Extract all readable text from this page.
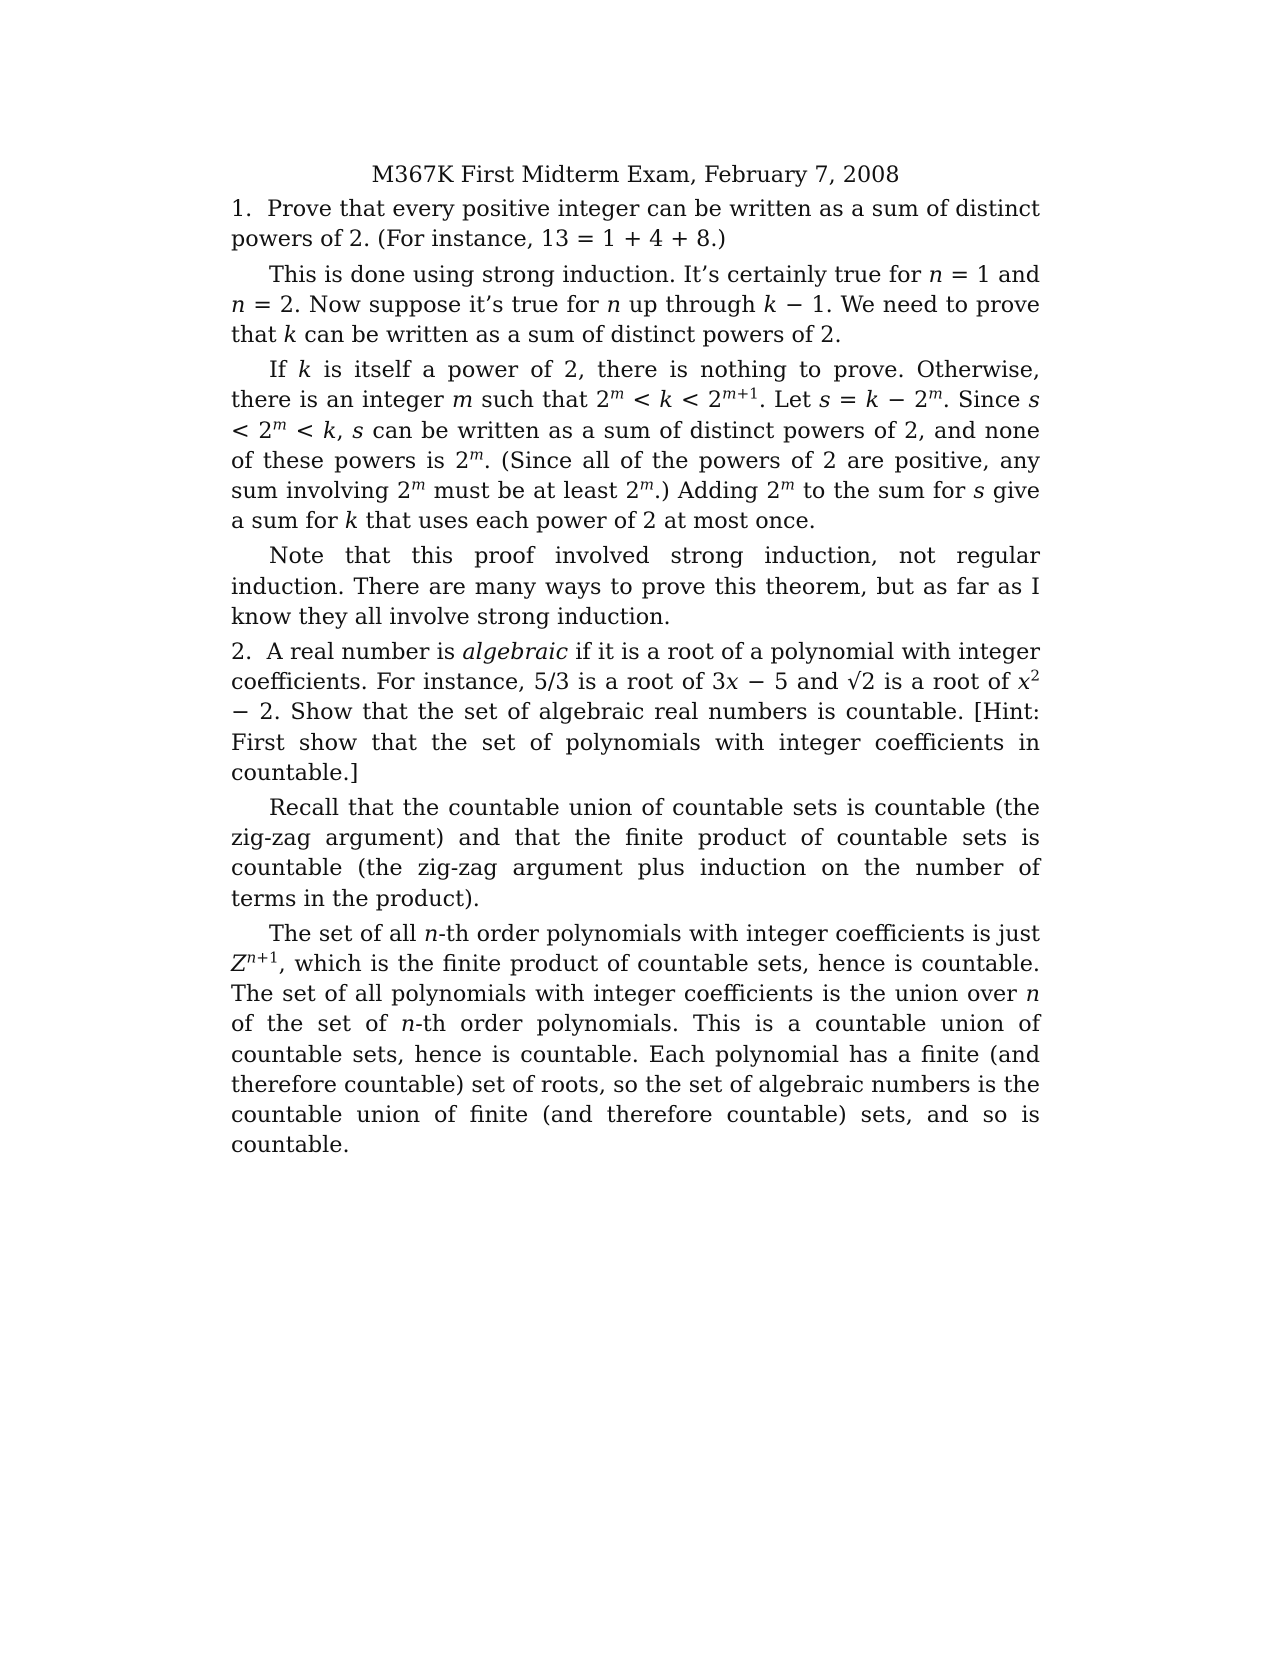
M367K First Midterm Exam, February 7, 2008
1.  Prove that every positive integer can be written as a sum of distinct powers of 2. (For instance, 13 = 1 + 4 + 8.)
This is done using strong induction. It’s certainly true for n = 1 and n = 2. Now suppose it’s true for n up through k − 1. We need to prove that k can be written as a sum of distinct powers of 2.
If k is itself a power of 2, there is nothing to prove. Otherwise, there is an integer m such that $2^m < k < 2^{m+1}$. Let $s = k - 2^m$. Since $s < 2^m < k$, s can be written as a sum of distinct powers of 2, and none of these powers is 2$^m$. (Since all of the powers of 2 are positive, any sum involving 2$^m$ must be at least 2$^m$.) Adding 2$^m$ to the sum for s give a sum for k that uses each power of 2 at most once.
Note that this proof involved strong induction, not regular induction. There are many ways to prove this theorem, but as far as I know they all involve strong induction.
2.  A real number is algebraic if it is a root of a polynomial with integer coefficients. For instance, 5/3 is a root of 3x − 5 and √2 is a root of $x^2 - 2$. Show that the set of algebraic real numbers is countable. [Hint: First show that the set of polynomials with integer coefficients in countable.]
Recall that the countable union of countable sets is countable (the zig-zag argument) and that the finite product of countable sets is countable (the zig-zag argument plus induction on the number of terms in the product).
The set of all n-th order polynomials with integer coefficients is just $Z^{n+1}$, which is the finite product of countable sets, hence is countable. The set of all polynomials with integer coefficients is the union over n of the set of n-th order polynomials. This is a countable union of countable sets, hence is countable. Each polynomial has a finite (and therefore countable) set of roots, so the set of algebraic numbers is the countable union of finite (and therefore countable) sets, and so is countable.
